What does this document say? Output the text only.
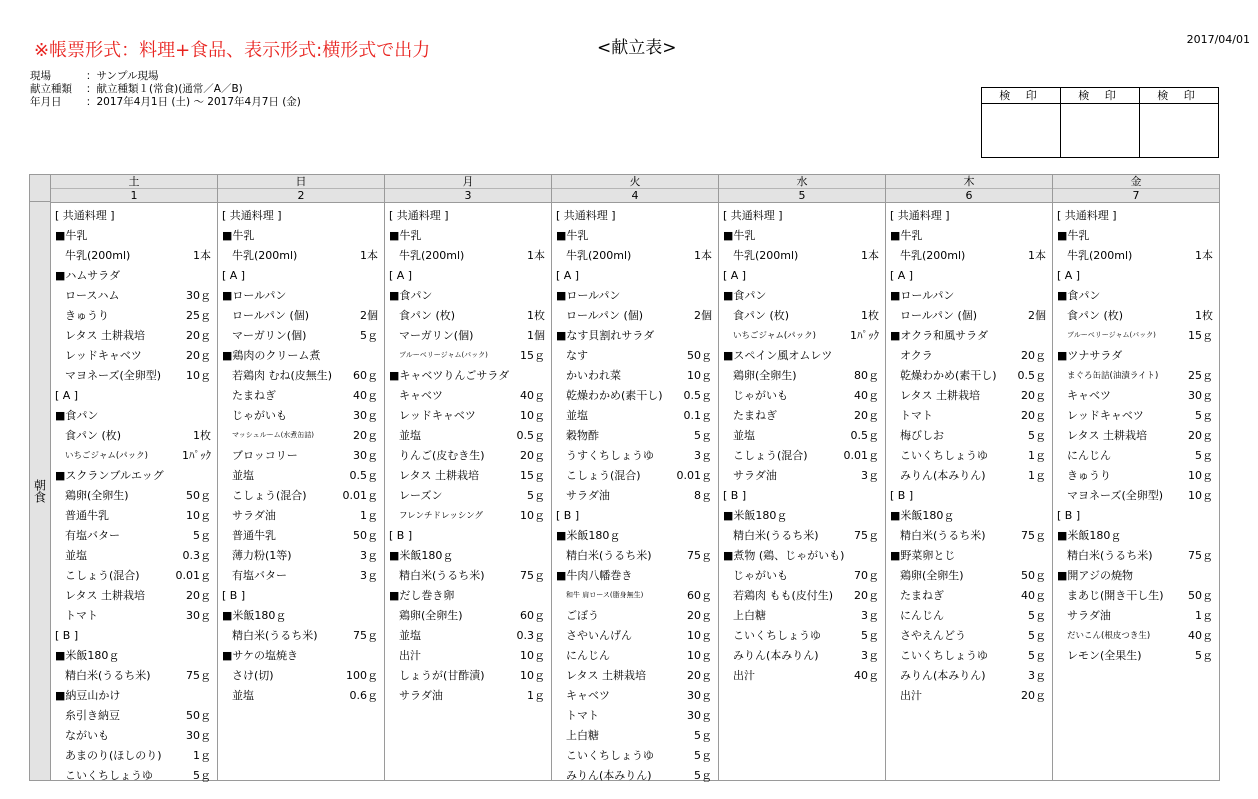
※帳票形式：料理+食品、表示形式:横形式で出力	<献立表>	2017/04/01
現場	：サンプル現場
献立種類	：献立種類１(常食)(通常／A／B)
年月日	：2017年4月1日 (土) ～ 2017年4月7日 (金)	検 印	検 印	検 印
朝食
土
1
[ 共通料理 ]
■牛乳
牛乳(200ml)	1本
■ハムサラダ
ロースハム	30ｇ
きゅうり	25ｇ
レタス 土耕栽培	20ｇ
レッドキャベツ	20ｇ
マヨネーズ(全卵型)	10ｇ
[ A ]
■食パン
食パン (枚)	1枚
いちごジャム(パック)	1ﾊﾟｯｸ
■スクランブルエッグ
鶏卵(全卵生)	50ｇ
普通牛乳	10ｇ
有塩バター	5ｇ
並塩	0.3ｇ
こしょう(混合)	0.01ｇ
レタス 土耕栽培	20ｇ
トマト	30ｇ
[ B ]
■米飯180ｇ
精白米(うるち米)	75ｇ
■納豆山かけ
糸引き納豆	50ｇ
ながいも	30ｇ
あまのり(ほしのり)	1ｇ
こいくちしょうゆ	5ｇ
日
2
[ 共通料理 ]
■牛乳
牛乳(200ml)	1本
[ A ]
■ロールパン
ロールパン (個)	2個
マーガリン(個)	5ｇ
■鶏肉のクリーム煮
若鶏肉 むね(皮無生)	60ｇ
たまねぎ	40ｇ
じゃがいも	30ｇ
マッシュルーム(水煮缶詰)	20ｇ
ブロッコリー	30ｇ
並塩	0.5ｇ
こしょう(混合)	0.01ｇ
サラダ油	1ｇ
普通牛乳	50ｇ
薄力粉(1等)	3ｇ
有塩バター	3ｇ
[ B ]
■米飯180ｇ
精白米(うるち米)	75ｇ
■サケの塩焼き
さけ(切)	100ｇ
並塩	0.6ｇ
月
3
[ 共通料理 ]
■牛乳
牛乳(200ml)	1本
[ A ]
■食パン
食パン (枚)	1枚
マーガリン(個)	1個
ブルーベリージャム(パック)	15ｇ
■キャベツりんごサラダ
キャベツ	40ｇ
レッドキャベツ	10ｇ
並塩	0.5ｇ
りんご(皮むき生)	20ｇ
レタス 土耕栽培	15ｇ
レーズン	5ｇ
フレンチドレッシング	10ｇ
[ B ]
■米飯180ｇ
精白米(うるち米)	75ｇ
■だし巻き卵
鶏卵(全卵生)	60ｇ
並塩	0.3ｇ
出汁	10ｇ
しょうが(甘酢漬)	10ｇ
サラダ油	1ｇ
火
4
[ 共通料理 ]
■牛乳
牛乳(200ml)	1本
[ A ]
■ロールパン
ロールパン (個)	2個
■なす貝割れサラダ
なす	50ｇ
かいわれ菜	10ｇ
乾燥わかめ(素干し)	0.5ｇ
並塩	0.1ｇ
穀物酢	5ｇ
うすくちしょうゆ	3ｇ
こしょう(混合)	0.01ｇ
サラダ油	8ｇ
[ B ]
■米飯180ｇ
精白米(うるち米)	75ｇ
■牛肉八幡巻き
和牛 肩ロース(脂身無生)	60ｇ
ごぼう	20ｇ
さやいんげん	10ｇ
にんじん	10ｇ
レタス 土耕栽培	20ｇ
キャベツ	30ｇ
トマト	30ｇ
上白糖	5ｇ
こいくちしょうゆ	5ｇ
みりん(本みりん)	5ｇ
水
5
[ 共通料理 ]
■牛乳
牛乳(200ml)	1本
[ A ]
■食パン
食パン (枚)	1枚
いちごジャム(パック)	1ﾊﾟｯｸ
■スペイン風オムレツ
鶏卵(全卵生)	80ｇ
じゃがいも	40ｇ
たまねぎ	20ｇ
並塩	0.5ｇ
こしょう(混合)	0.01ｇ
サラダ油	3ｇ
[ B ]
■米飯180ｇ
精白米(うるち米)	75ｇ
■煮物 (鶏、じゃがいも)
じゃがいも	70ｇ
若鶏肉 もも(皮付生)	20ｇ
上白糖	3ｇ
こいくちしょうゆ	5ｇ
みりん(本みりん)	3ｇ
出汁	40ｇ
木
6
[ 共通料理 ]
■牛乳
牛乳(200ml)	1本
[ A ]
■ロールパン
ロールパン (個)	2個
■オクラ和風サラダ
オクラ	20ｇ
乾燥わかめ(素干し)	0.5ｇ
レタス 土耕栽培	20ｇ
トマト	20ｇ
梅びしお	5ｇ
こいくちしょうゆ	1ｇ
みりん(本みりん)	1ｇ
[ B ]
■米飯180ｇ
精白米(うるち米)	75ｇ
■野菜卵とじ
鶏卵(全卵生)	50ｇ
たまねぎ	40ｇ
にんじん	5ｇ
さやえんどう	5ｇ
こいくちしょうゆ	5ｇ
みりん(本みりん)	3ｇ
出汁	20ｇ
金
7
[ 共通料理 ]
■牛乳
牛乳(200ml)	1本
[ A ]
■食パン
食パン (枚)	1枚
ブルーベリージャム(パック)	15ｇ
■ツナサラダ
まぐろ缶詰(油漬ライト)	25ｇ
キャベツ	30ｇ
レッドキャベツ	5ｇ
レタス 土耕栽培	20ｇ
にんじん	5ｇ
きゅうり	10ｇ
マヨネーズ(全卵型)	10ｇ
[ B ]
■米飯180ｇ
精白米(うるち米)	75ｇ
■開アジの焼物
まあじ(開き干し生)	50ｇ
サラダ油	1ｇ
だいこん(根皮つき生)	40ｇ
レモン(全果生)	5ｇ
